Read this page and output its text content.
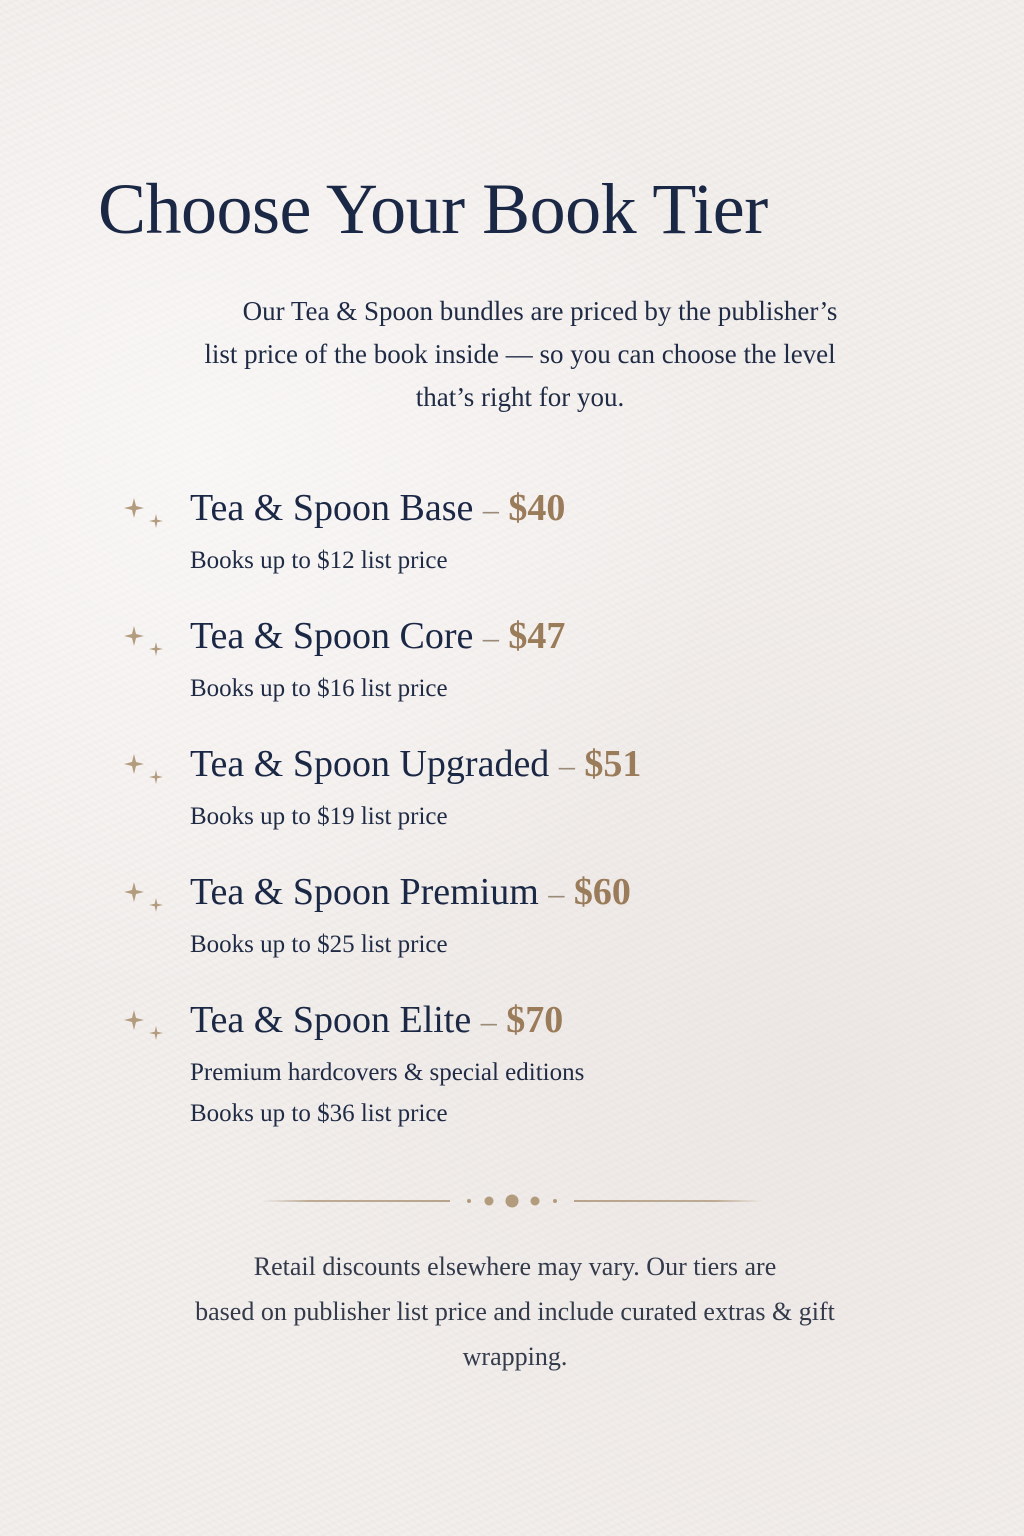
Choose Your Book Tier
Our Tea & Spoon bundles are priced by the publisher’s
list price of the book inside — so you can choose the level
that’s right for you.
Tea & Spoon Base – $40
Books up to $12 list price
Tea & Spoon Core – $47
Books up to $16 list price
Tea & Spoon Upgraded – $51
Books up to $19 list price
Tea & Spoon Premium – $60
Books up to $25 list price
Tea & Spoon Elite – $70
Premium hardcovers & special editions
Books up to $36 list price
Retail discounts elsewhere may vary. Our tiers are
based on publisher list price and include curated extras & gift
wrapping.
